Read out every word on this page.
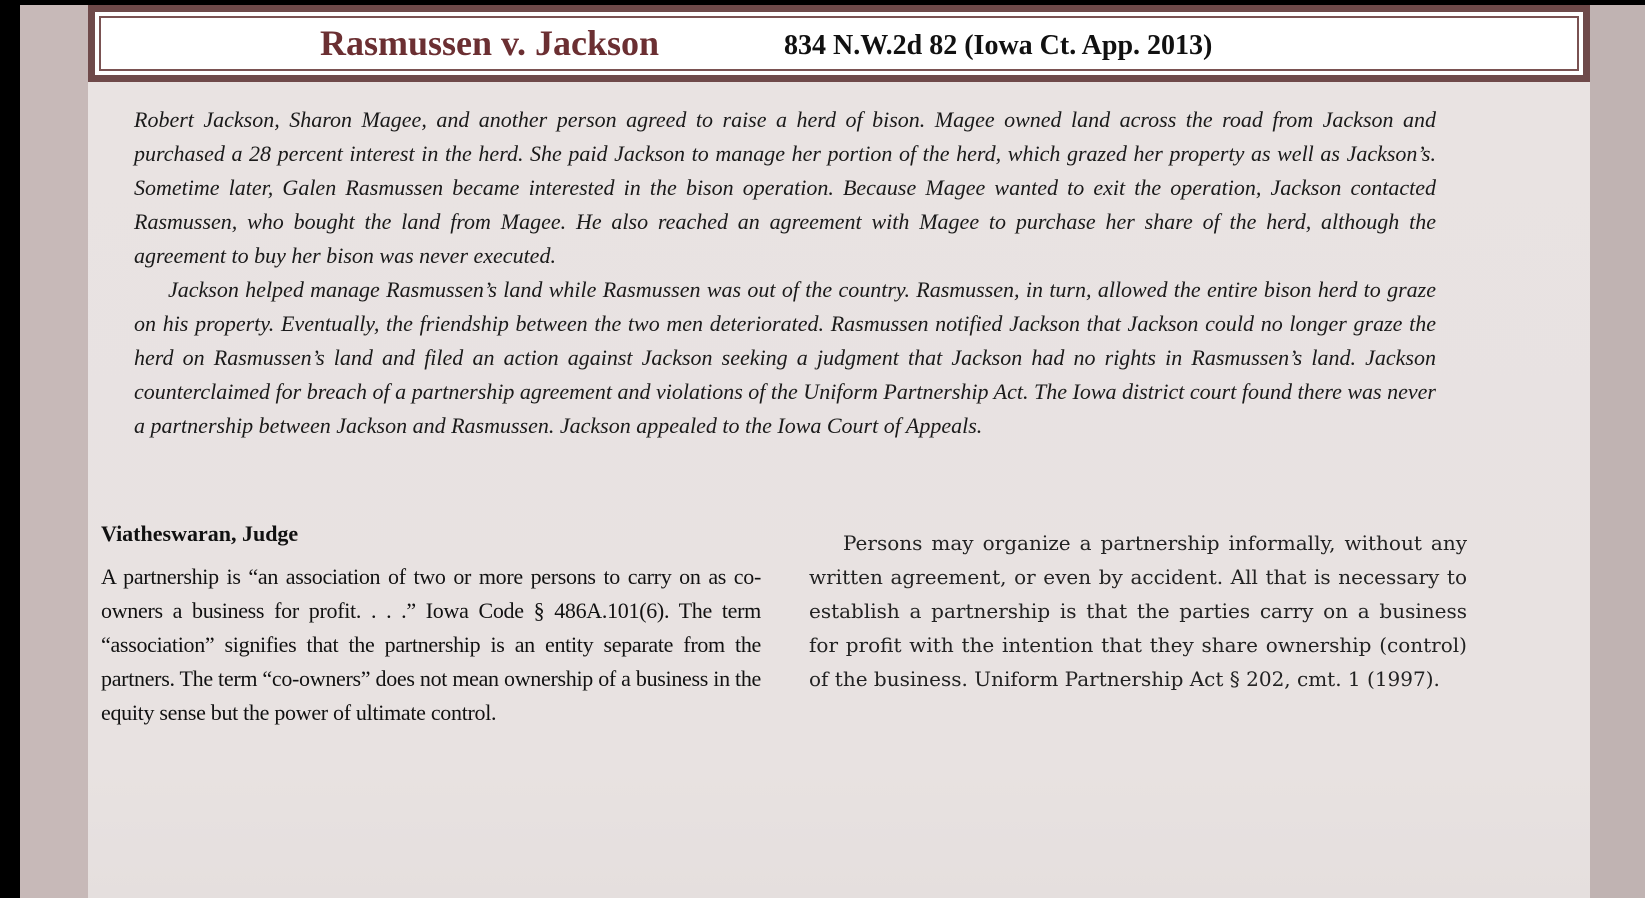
Rasmussen v. Jackson	834 N.W.2d 82 (Iowa Ct. App. 2013)

Robert Jackson, Sharon Magee, and another person agreed to raise a herd of bison. Magee owned land across the road from Jackson and purchased a 28 percent interest in the herd. She paid Jackson to manage her portion of the herd, which grazed her property as well as Jackson’s. Sometime later, Galen Rasmussen became interested in the bison operation. Because Magee wanted to exit the operation, Jackson contacted Rasmussen, who bought the land from Magee. He also reached an agreement with Magee to purchase her share of the herd, although the agreement to buy her bison was never executed.

Jackson helped manage Rasmussen’s land while Rasmussen was out of the country. Rasmussen, in turn, allowed the entire bison herd to graze on his property. Eventually, the friendship between the two men deteriorated. Rasmussen notified Jackson that Jackson could no longer graze the herd on Rasmussen’s land and filed an action against Jackson seeking a judgment that Jackson had no rights in Rasmussen’s land. Jackson counterclaimed for breach of a partnership agreement and violations of the Uniform Partnership Act. The Iowa district court found there was never a partnership between Jackson and Rasmussen. Jackson appealed to the Iowa Court of Appeals.

Viatheswaran, Judge

A partnership is “an association of two or more persons to carry on as co-owners a business for profit. . . .” Iowa Code § 486A.101(6). The term “association” signifies that the partnership is an entity separate from the partners. The term “co-owners” does not mean ownership of a business in the equity sense but the power of ultimate control.

Persons may organize a partnership informally, without any written agreement, or even by accident. All that is necessary to establish a partnership is that the parties carry on a business for profit with the intention that they share ownership (control) of the business. Uniform Partnership Act § 202, cmt. 1 (1997).
